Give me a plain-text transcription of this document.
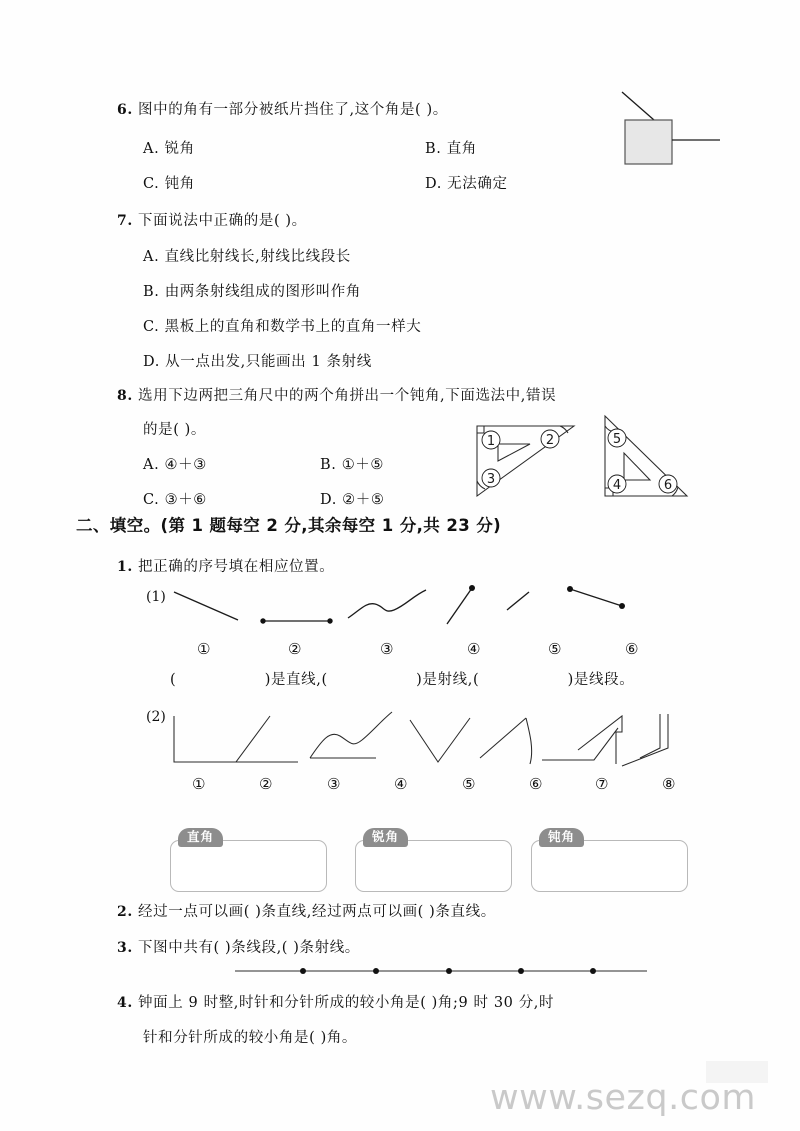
6. 图中的角有一部分被纸片挡住了,这个角是( )。
A. 锐角	B. 直角
C. 钝角	D. 无法确定
7. 下面说法中正确的是( )。
A. 直线比射线长,射线比线段长
B. 由两条射线组成的图形叫作角
C. 黑板上的直角和数学书上的直角一样大
D. 从一点出发,只能画出 1 条射线
8. 选用下边两把三角尺中的两个角拼出一个钝角,下面选法中,错误
的是( )。
A. ④＋③	B. ①＋⑤
C. ③＋⑥	D. ②＋⑤
1	2
3
5
4	6
二、填空。(第 1 题每空 2 分,其余每空 1 分,共 23 分)
1. 把正确的序号填在相应位置。
(1)
①	②	③	④	⑤	⑥
(	)是直线,(	)是射线,(	)是线段。
(2)
①	②	③	④	⑤	⑥	⑦	⑧
直角	锐角	钝角
2. 经过一点可以画( )条直线,经过两点可以画( )条直线。
3. 下图中共有( )条线段,( )条射线。
4. 钟面上 9 时整,时针和分针所成的较小角是( )角;9 时 30 分,时
针和分针所成的较小角是( )角。
www.sezq.com
